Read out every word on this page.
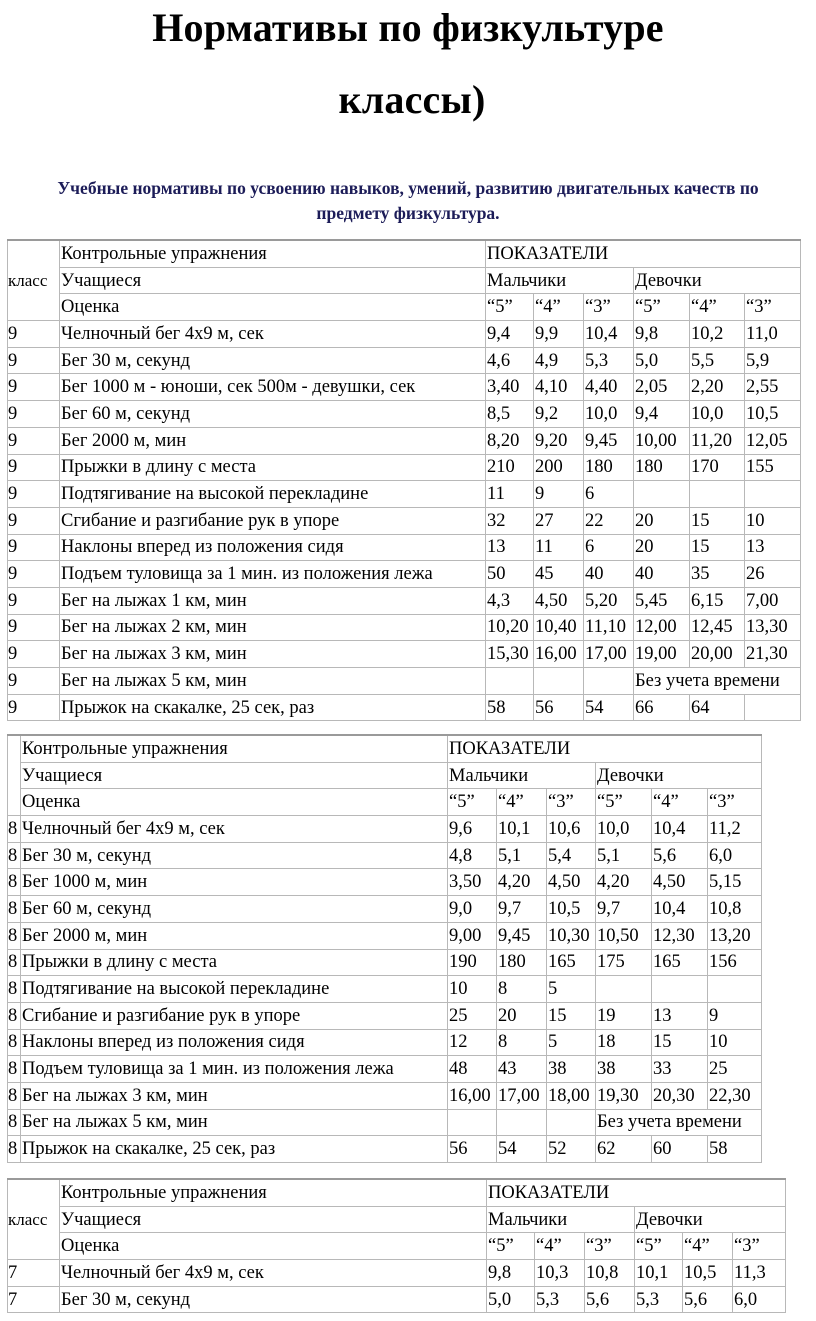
Нормативы по физкультуре
классы)

Учебные нормативы по усвоению навыков, умений, развитию двигательных качеств по предмету физкультура.

класс	Контрольные упражнения	ПОКАЗАТЕЛИ					
	Учащиеся	Мальчики			Девочки		
	Оценка	“5”	“4”	“3”	“5”	“4”	“3”
9	Челночный бег 4х9 м, сек	9,4	9,9	10,4	9,8	10,2	11,0
9	Бег 30 м, секунд	4,6	4,9	5,3	5,0	5,5	5,9
9	Бег 1000 м - юноши, сек 500м - девушки, сек	3,40	4,10	4,40	2,05	2,20	2,55
9	Бег 60 м, секунд	8,5	9,2	10,0	9,4	10,0	10,5
9	Бег 2000 м, мин	8,20	9,20	9,45	10,00	11,20	12,05
9	Прыжки в длину с места	210	200	180	180	170	155
9	Подтягивание на высокой перекладине	11	9	6			
9	Сгибание и разгибание рук в упоре	32	27	22	20	15	10
9	Наклоны вперед из положения сидя	13	11	6	20	15	13
9	Подъем туловища за 1 мин. из положения лежа	50	45	40	40	35	26
9	Бег на лыжах 1 км, мин	4,3	4,50	5,20	5,45	6,15	7,00
9	Бег на лыжах 2 км, мин	10,20	10,40	11,10	12,00	12,45	13,30
9	Бег на лыжах 3 км, мин	15,30	16,00	17,00	19,00	20,00	21,30
9	Бег на лыжах 5 км, мин				Без учета времени		
9	Прыжок на скакалке, 25 сек, раз	58	56	54	66	64	
	Контрольные упражнения	ПОКАЗАТЕЛИ					
	Учащиеся	Мальчики			Девочки		
	Оценка	“5”	“4”	“3”	“5”	“4”	“3”
8	Челночный бег 4х9 м, сек	9,6	10,1	10,6	10,0	10,4	11,2
8	Бег 30 м, секунд	4,8	5,1	5,4	5,1	5,6	6,0
8	Бег 1000 м, мин	3,50	4,20	4,50	4,20	4,50	5,15
8	Бег 60 м, секунд	9,0	9,7	10,5	9,7	10,4	10,8
8	Бег 2000 м, мин	9,00	9,45	10,30	10,50	12,30	13,20
8	Прыжки в длину с места	190	180	165	175	165	156
8	Подтягивание на высокой перекладине	10	8	5			
8	Сгибание и разгибание рук в упоре	25	20	15	19	13	9
8	Наклоны вперед из положения сидя	12	8	5	18	15	10
8	Подъем туловища за 1 мин. из положения лежа	48	43	38	38	33	25
8	Бег на лыжах 3 км, мин	16,00	17,00	18,00	19,30	20,30	22,30
8	Бег на лыжах 5 км, мин				Без учета времени		
8	Прыжок на скакалке, 25 сек, раз	56	54	52	62	60	58
класс	Контрольные упражнения	ПОКАЗАТЕЛИ					
	Учащиеся	Мальчики			Девочки		
	Оценка	“5”	“4”	“3”	“5”	“4”	“3”
7	Челночный бег 4х9 м, сек	9,8	10,3	10,8	10,1	10,5	11,3
7	Бег 30 м, секунд	5,0	5,3	5,6	5,3	5,6	6,0
